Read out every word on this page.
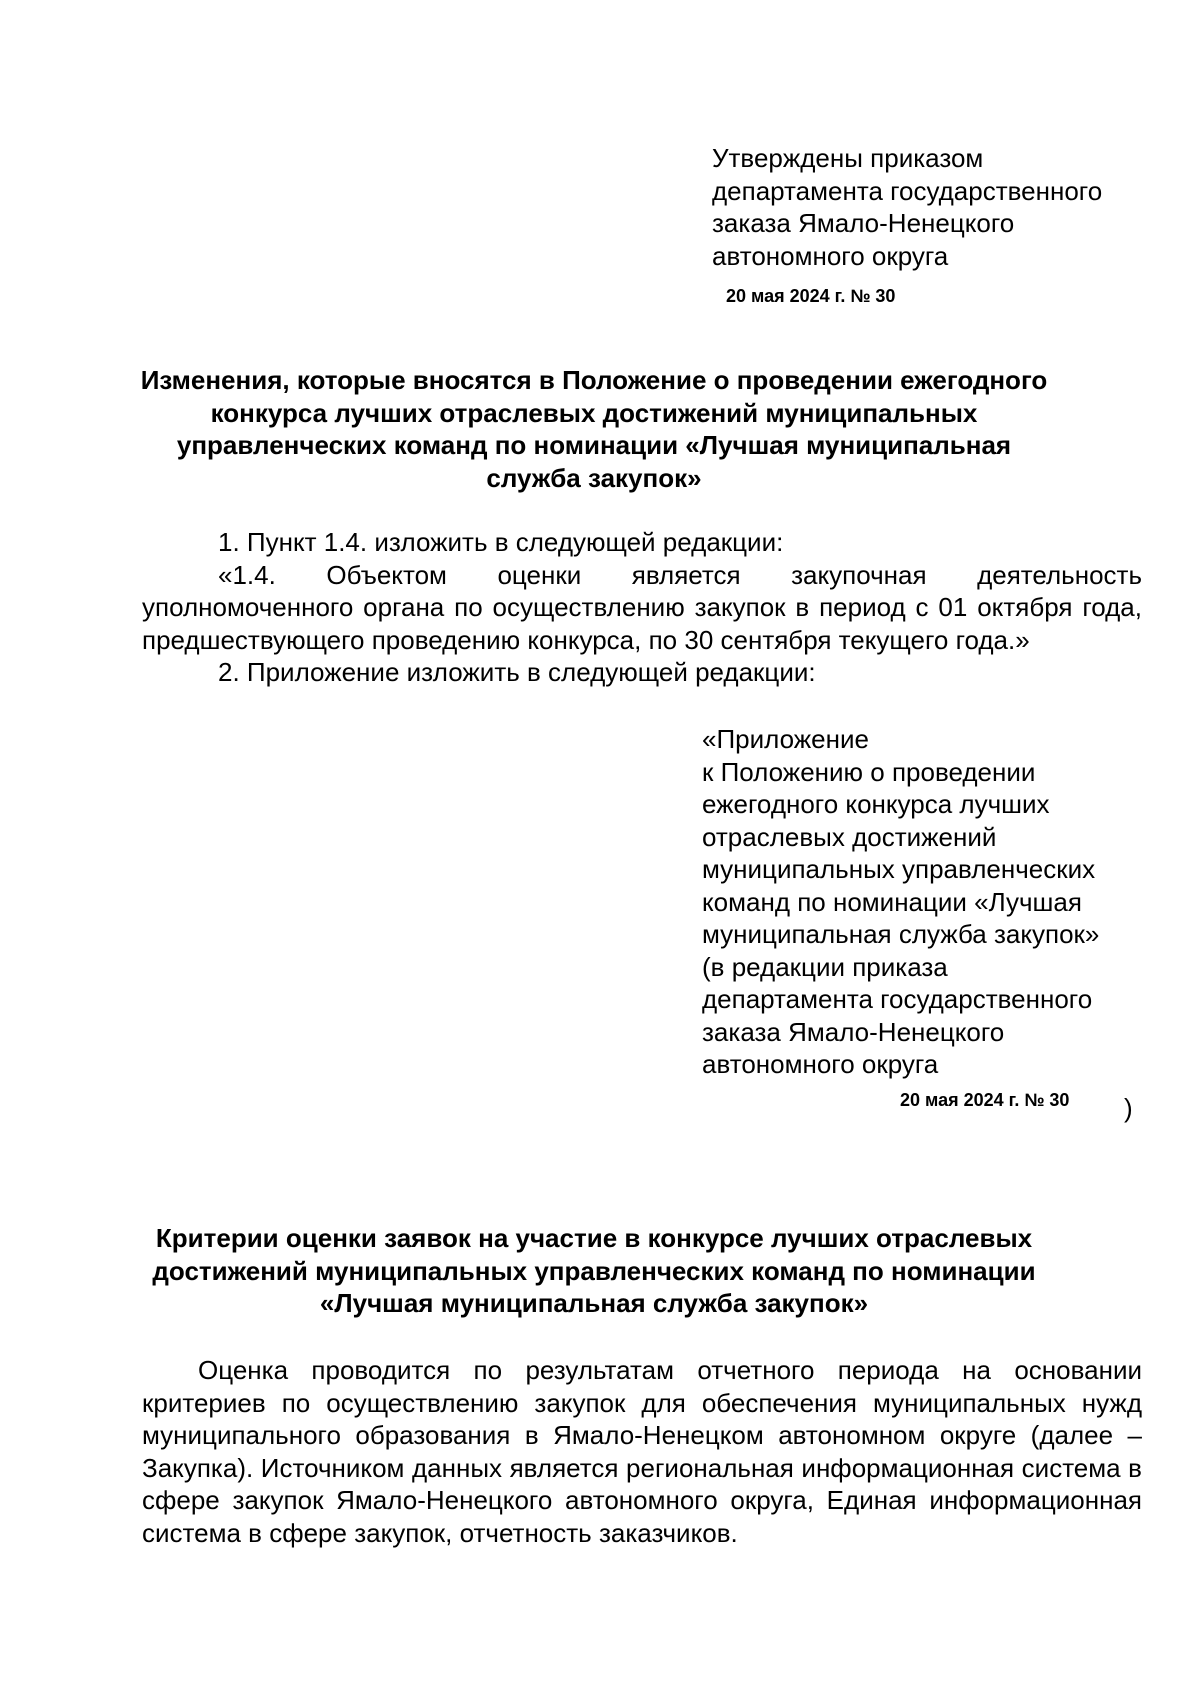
Утверждены приказом
департамента государственного
заказа Ямало-Ненецкого
автономного округа
20 мая 2024 г. № 30
Изменения, которые вносятся в Положение о проведении ежегодного конкурса лучших отраслевых достижений муниципальных управленческих команд по номинации «Лучшая муниципальная служба закупок»

1. Пункт 1.4. изложить в следующей редакции:

«1.4. Объектом оценки является закупочная деятельность уполномоченного органа по осуществлению закупок в период с 01 октября года, предшествующего проведению конкурса, по 30 сентября текущего года.»

2. Приложение изложить в следующей редакции:

«Приложение
к Положению о проведении
ежегодного конкурса лучших
отраслевых достижений
муниципальных управленческих
команд по номинации «Лучшая
муниципальная служба закупок»
(в редакции приказа
департамента государственного
заказа Ямало-Ненецкого
автономного округа
20 мая 2024 г. № 30 )
Критерии оценки заявок на участие в конкурсе лучших отраслевых достижений муниципальных управленческих команд по номинации «Лучшая муниципальная служба закупок»

Оценка проводится по результатам отчетного периода на основании критериев по осуществлению закупок для обеспечения муниципальных нужд муниципального образования в Ямало-Ненецком автономном округе (далее – Закупка). Источником данных является региональная информационная система в сфере закупок Ямало-Ненецкого автономного округа, Единая информационная система в сфере закупок, отчетность заказчиков.
